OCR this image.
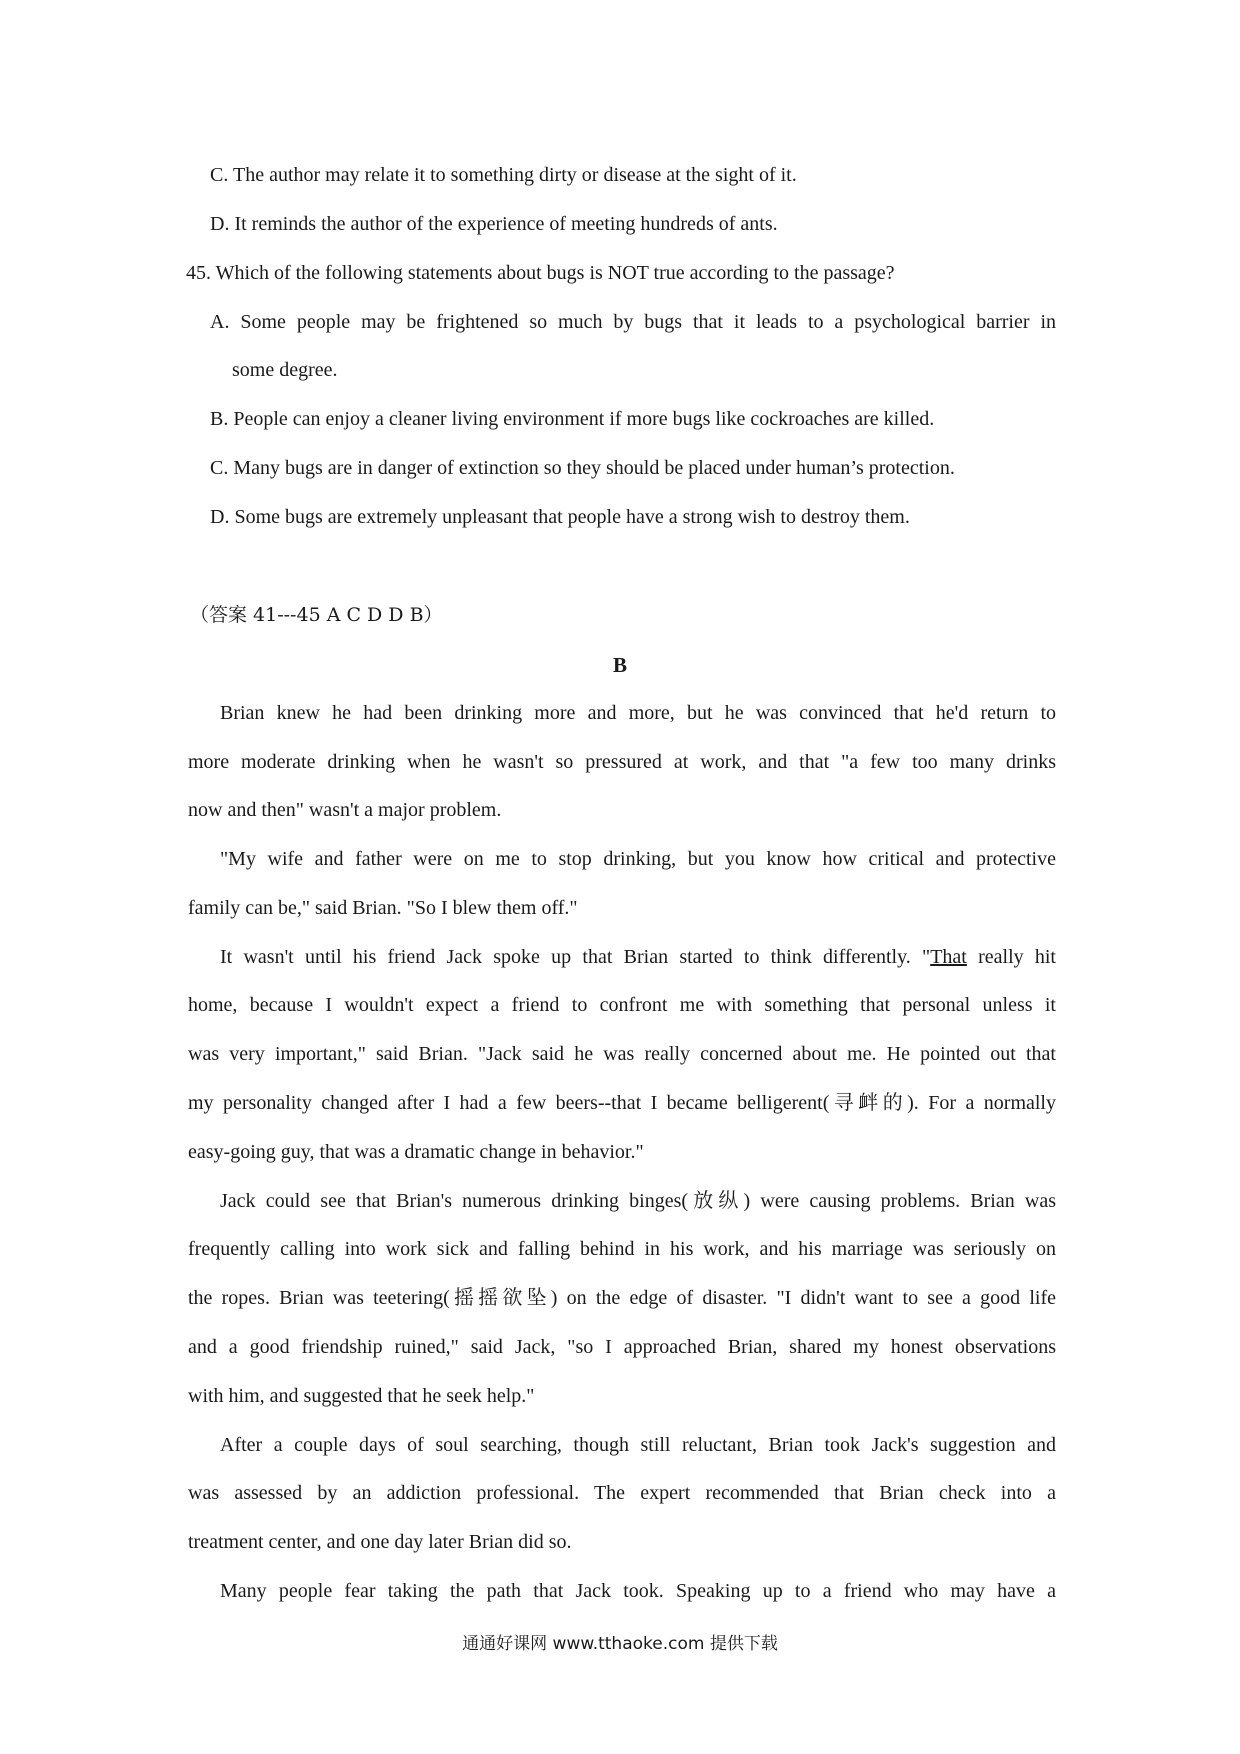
C. The author may relate it to something dirty or disease at the sight of it.
D. It reminds the author of the experience of meeting hundreds of ants.
45. Which of the following statements about bugs is NOT true according to the passage?
A. Some people may be frightened so much by bugs that it leads to a psychological barrier in
some degree.
B. People can enjoy a cleaner living environment if more bugs like cockroaches are killed.
C. Many bugs are in danger of extinction so they should be placed under human’s protection.
D. Some bugs are extremely unpleasant that people have a strong wish to destroy them.
（答案 41---45 A C D D B）
B
Brian knew he had been drinking more and more, but he was convinced that he'd return to
more moderate drinking when he wasn't so pressured at work, and that "a few too many drinks
now and then" wasn't a major problem.
"My wife and father were on me to stop drinking, but you know how critical and protective
family can be," said Brian. "So I blew them off."
It wasn't until his friend Jack spoke up that Brian started to think differently. "That really hit
home, because I wouldn't expect a friend to confront me with something that personal unless it
was very important," said Brian. "Jack said he was really concerned about me. He pointed out that
my personality changed after I had a few beers--that I became belligerent(寻衅的). For a normally
easy-going guy, that was a dramatic change in behavior."
Jack could see that Brian's numerous drinking binges(放纵) were causing problems. Brian was
frequently calling into work sick and falling behind in his work, and his marriage was seriously on
the ropes. Brian was teetering(摇摇欲坠) on the edge of disaster. "I didn't want to see a good life
and a good friendship ruined," said Jack, "so I approached Brian, shared my honest observations
with him, and suggested that he seek help."
After a couple days of soul searching, though still reluctant, Brian took Jack's suggestion and
was assessed by an addiction professional. The expert recommended that Brian check into a
treatment center, and one day later Brian did so.
Many people fear taking the path that Jack took. Speaking up to a friend who may have a
通通好课网 www.tthaoke.com 提供下载
